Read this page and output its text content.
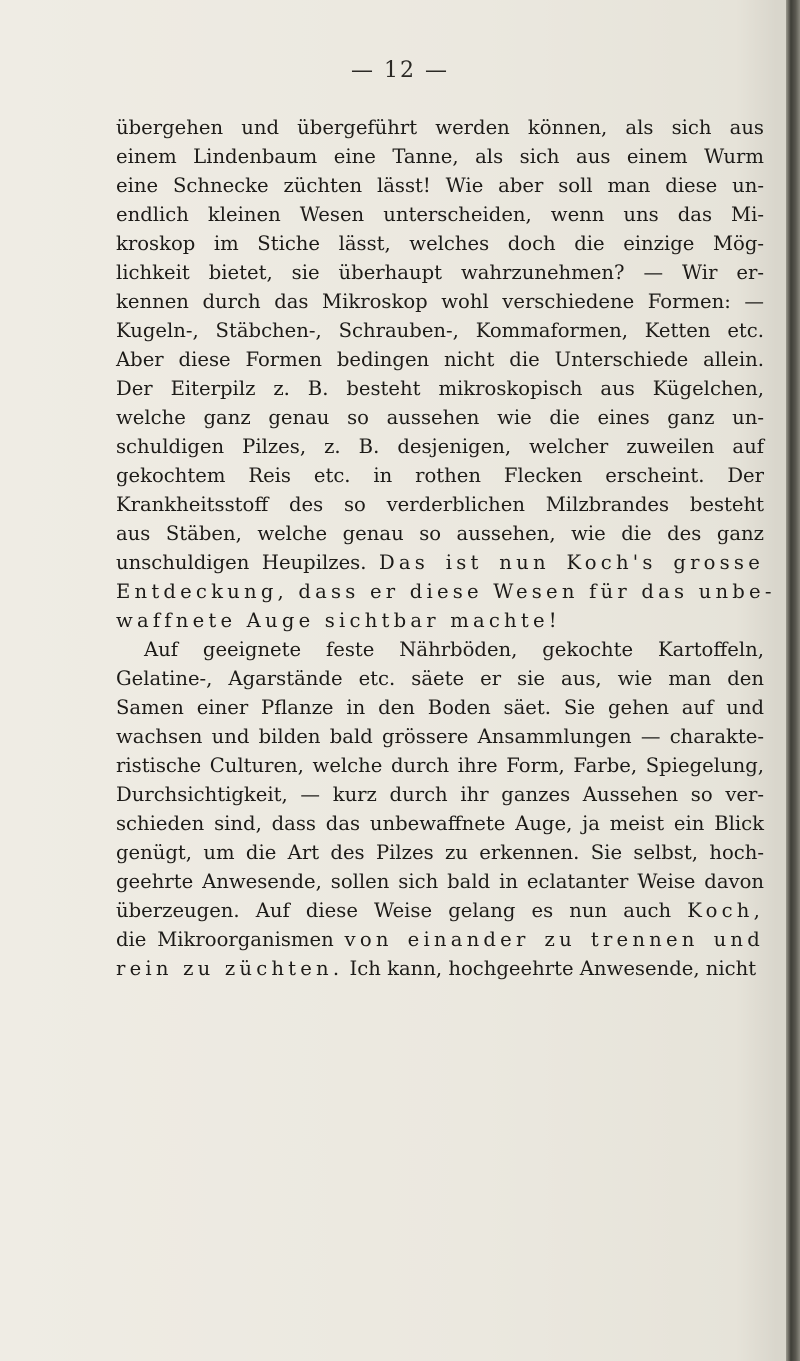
— 12 —
übergehen und übergeführt werden können, als sich aus
einem Lindenbaum eine Tanne, als sich aus einem Wurm
eine Schnecke züchten lässt! Wie aber soll man diese un-
endlich kleinen Wesen unterscheiden, wenn uns das Mi-
kroskop im Stiche lässt, welches doch die einzige Mög-
lichkeit bietet, sie überhaupt wahrzunehmen? — Wir er-
kennen durch das Mikroskop wohl verschiedene Formen: —
Kugeln-, Stäbchen-, Schrauben-, Kommaformen, Ketten etc.
Aber diese Formen bedingen nicht die Unterschiede allein.
Der Eiterpilz z. B. besteht mikroskopisch aus Kügelchen,
welche ganz genau so aussehen wie die eines ganz un-
schuldigen Pilzes, z. B. desjenigen, welcher zuweilen auf
gekochtem Reis etc. in rothen Flecken erscheint. Der
Krankheitsstoff des so verderblichen Milzbrandes besteht
aus Stäben, welche genau so aussehen, wie die des ganz
unschuldigen Heupilzes. Das ist nun Koch's grosse
Entdeckung, dass er diese Wesen für das unbe-
waffnete Auge sichtbar machte!
Auf geeignete feste Nährböden, gekochte Kartoffeln,
Gelatine-, Agarstände etc. säete er sie aus, wie man den
Samen einer Pflanze in den Boden säet. Sie gehen auf und
wachsen und bilden bald grössere Ansammlungen — charakte-
ristische Culturen, welche durch ihre Form, Farbe, Spiegelung,
Durchsichtigkeit, — kurz durch ihr ganzes Aussehen so ver-
schieden sind, dass das unbewaffnete Auge, ja meist ein Blick
genügt, um die Art des Pilzes zu erkennen. Sie selbst, hoch-
geehrte Anwesende, sollen sich bald in eclatanter Weise davon
überzeugen. Auf diese Weise gelang es nun auch Koch,
die Mikroorganismen von einander zu trennen und
rein zu züchten. Ich kann, hochgeehrte Anwesende, nicht
